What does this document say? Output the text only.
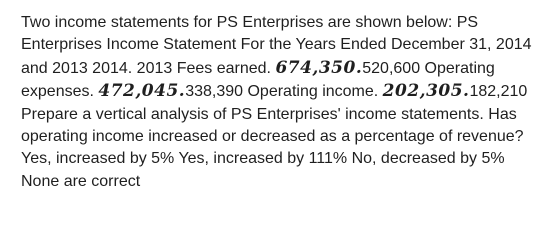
Two income statements for PS Enterprises are shown below: PS Enterprises Income Statement For the Years Ended December 31, 2014 and 2013 2014. 2013 Fees earned. 674,350.520,600 Operating expenses. 472,045.338,390 Operating income. 202,305.182,210 Prepare a vertical analysis of PS Enterprises' income statements. Has operating income increased or decreased as a percentage of revenue? Yes, increased by 5% Yes, increased by 111% No, decreased by 5% None are correct
